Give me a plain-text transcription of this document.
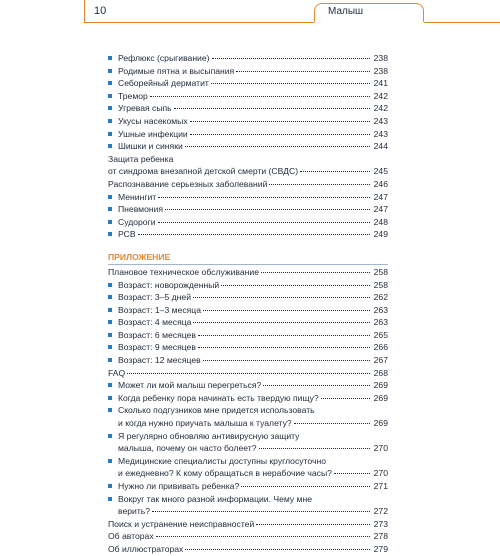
10	Малыш
Рефлюкс (срыгивание)	238
Родимые пятна и высыпания	238
Себорейный дерматит	241
Тремор	242
Угревая сыпь	242
Укусы насекомых	243
Ушные инфекции	243
Шишки и синяки	244
Защита ребенка
от синдрома внезапной детской смерти (СВДС)	245
Распознавание серьезных заболеваний	246
Менингит	247
Пневмония	247
Судороги	248
РСВ	249
ПРИЛОЖЕНИЕ
Плановое техническое обслуживание	258
Возраст: новорожденный	258
Возраст: 3–5 дней	262
Возраст: 1–3 месяца	263
Возраст: 4 месяца	263
Возраст: 6 месяцев	265
Возраст: 9 месяцев	266
Возраст: 12 месяцев	267
FAQ	268
Может ли мой малыш перегреться?	269
Когда ребенку пора начинать есть твердую пищу?	269
Сколько подгузников мне придется использовать
и когда нужно приучать малыша к туалету?	269
Я регулярно обновляю антивирусную защиту
малыша, почему он часто болеет?	270
Медицинские специалисты доступны круглосуточно
и ежедневно? К кому обращаться в нерабочие часы?	270
Нужно ли прививать ребенка?	271
Вокруг так много разной информации. Чему мне
верить?	272
Поиск и устранение неисправностей	273
Об авторах	278
Об иллюстраторах	279
